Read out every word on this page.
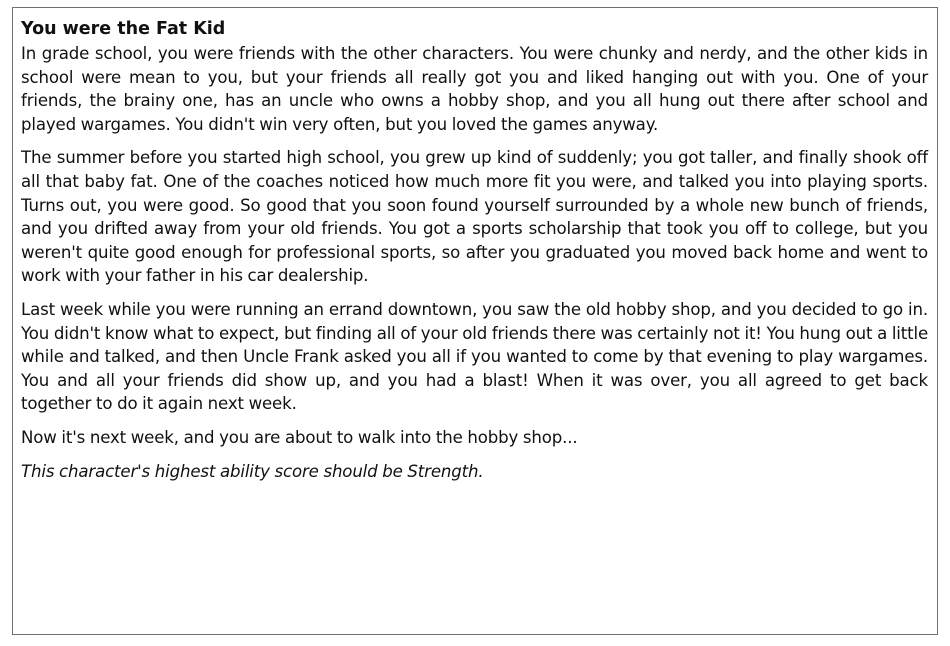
You were the Fat Kid

In grade school, you were friends with the other characters. You were chunky and nerdy, and the other kids in school were mean to you, but your friends all really got you and liked hanging out with you. One of your friends, the brainy one, has an uncle who owns a hobby shop, and you all hung out there after school and played wargames. You didn't win very often, but you loved the games anyway.

The summer before you started high school, you grew up kind of suddenly; you got taller, and finally shook off all that baby fat. One of the coaches noticed how much more fit you were, and talked you into playing sports. Turns out, you were good. So good that you soon found yourself surrounded by a whole new bunch of friends, and you drifted away from your old friends. You got a sports scholarship that took you off to college, but you weren't quite good enough for professional sports, so after you graduated you moved back home and went to work with your father in his car dealership.

Last week while you were running an errand downtown, you saw the old hobby shop, and you decided to go in. You didn't know what to expect, but finding all of your old friends there was certainly not it! You hung out a little while and talked, and then Uncle Frank asked you all if you wanted to come by that evening to play wargames. You and all your friends did show up, and you had a blast! When it was over, you all agreed to get back together to do it again next week.

Now it's next week, and you are about to walk into the hobby shop...

This character's highest ability score should be Strength.
